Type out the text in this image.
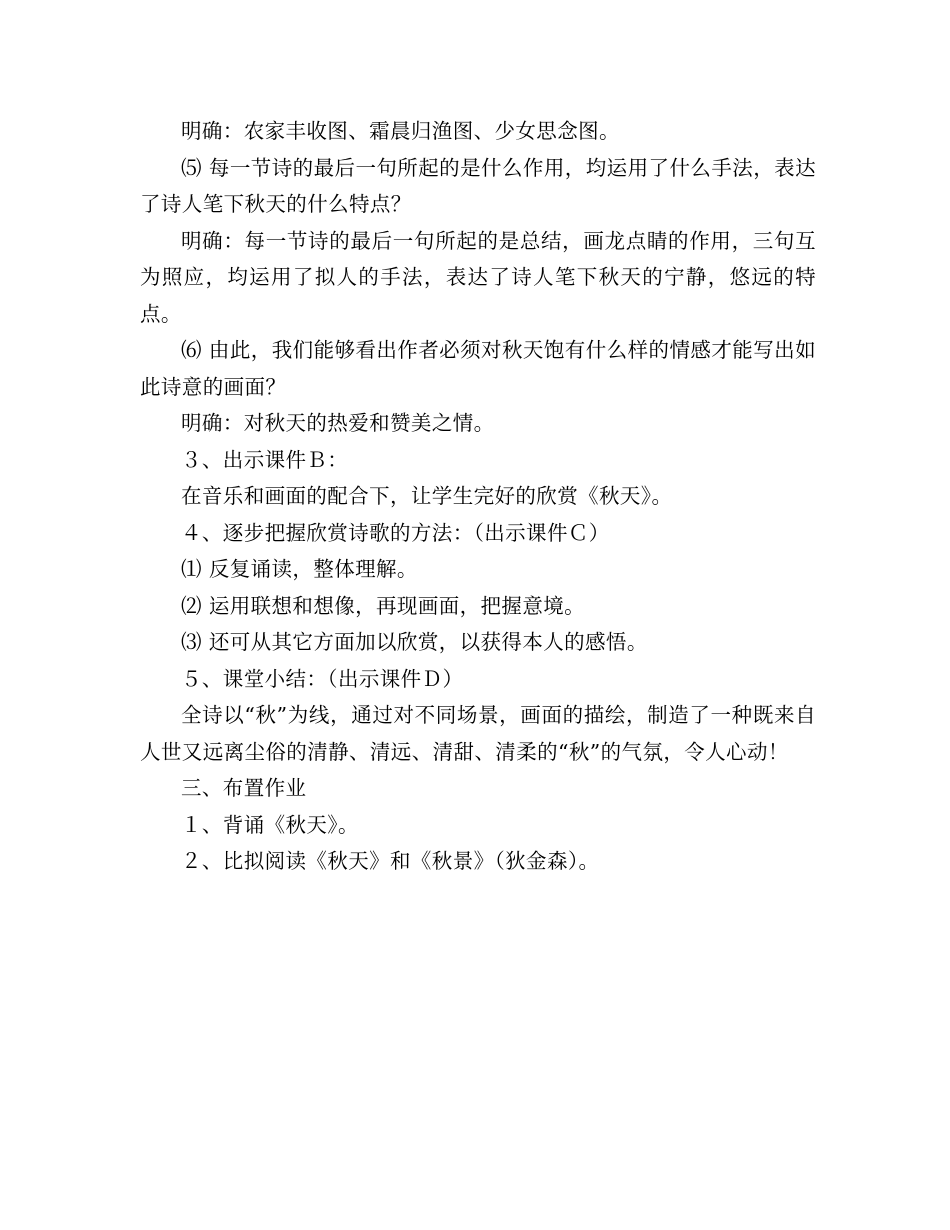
明确：农家丰收图、霜晨归渔图、少女思念图。

⑸ 每一节诗的最后一句所起的是什么作用，均运用了什么手法，表达了诗人笔下秋天的什么特点？

明确：每一节诗的最后一句所起的是总结，画龙点睛的作用，三句互为照应，均运用了拟人的手法，表达了诗人笔下秋天的宁静，悠远的特点。

⑹ 由此，我们能够看出作者必须对秋天饱有什么样的情感才能写出如此诗意的画面？

明确：对秋天的热爱和赞美之情。

３、出示课件Ｂ：

在音乐和画面的配合下，让学生完好的欣赏《秋天》。

４、逐步把握欣赏诗歌的方法：（出示课件Ｃ）

⑴ 反复诵读，整体理解。

⑵ 运用联想和想像，再现画面，把握意境。

⑶ 还可从其它方面加以欣赏，以获得本人的感悟。

５、课堂小结：（出示课件Ｄ）

全诗以“秋”为线，通过对不同场景，画面的描绘，制造了一种既来自人世又远离尘俗的清静、清远、清甜、清柔的“秋”的气氛，令人心动！

三、布置作业

１、背诵《秋天》。

２、比拟阅读《秋天》和《秋景》（狄金森）。
